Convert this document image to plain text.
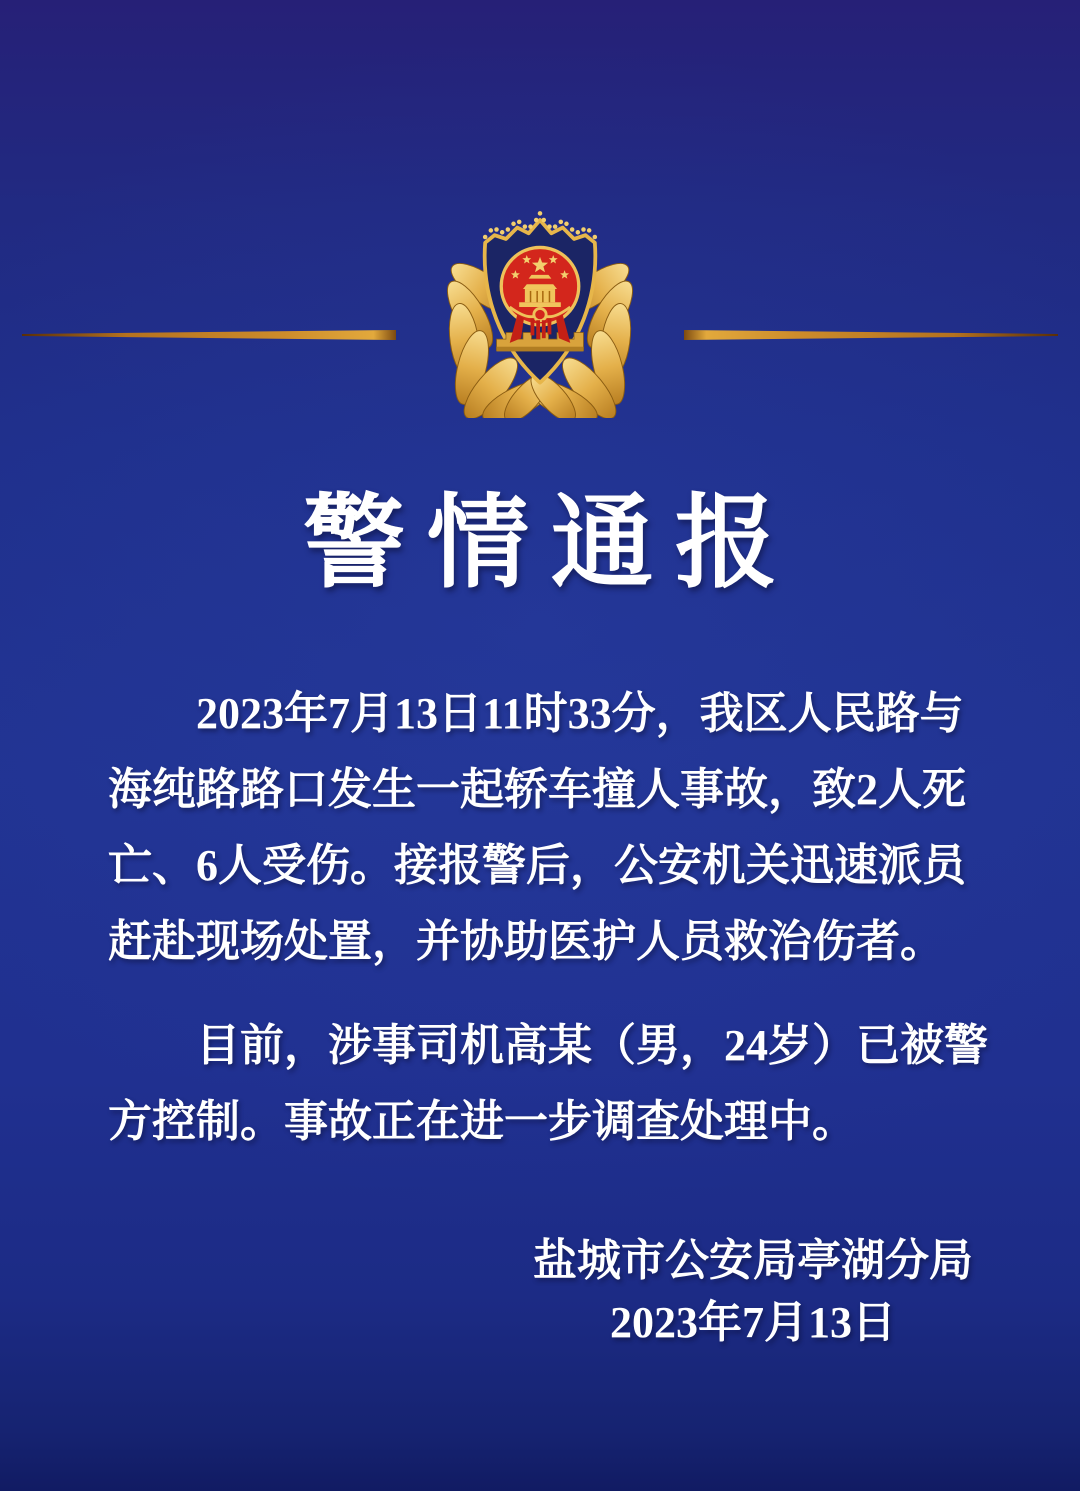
警情通报
2023年7月13日11时33分，我区人民路与
海纯路路口发生一起轿车撞人事故，致2人死
亡、6人受伤。接报警后，公安机关迅速派员
赶赴现场处置，并协助医护人员救治伤者。
目前，涉事司机高某（男，24岁）已被警
方控制。事故正在进一步调查处理中。
盐城市公安局亭湖分局
2023年7月13日
